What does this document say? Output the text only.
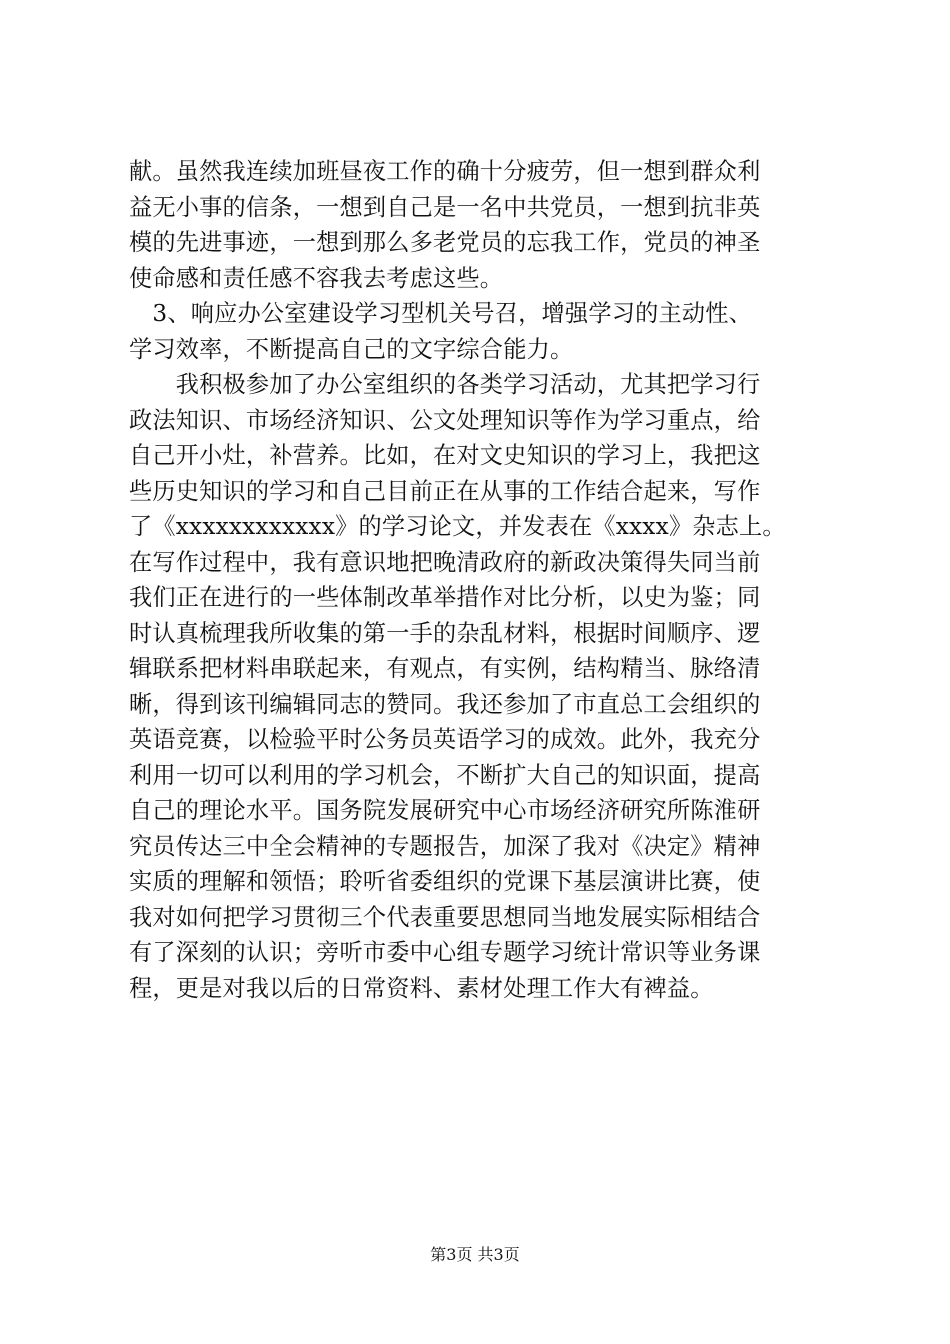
献。虽然我连续加班昼夜工作的确十分疲劳，但一想到群众利
益无小事的信条，一想到自己是一名中共党员，一想到抗非英
模的先进事迹，一想到那么多老党员的忘我工作，党员的神圣
使命感和责任感不容我去考虑这些。
　3、响应办公室建设学习型机关号召，增强学习的主动性、
学习效率，不断提高自己的文字综合能力。
　　我积极参加了办公室组织的各类学习活动，尤其把学习行
政法知识、市场经济知识、公文处理知识等作为学习重点，给
自己开小灶，补营养。比如，在对文史知识的学习上，我把这
些历史知识的学习和自己目前正在从事的工作结合起来，写作
了《xxxxxxxxxxxx》的学习论文，并发表在《xxxx》杂志上。
在写作过程中，我有意识地把晚清政府的新政决策得失同当前
我们正在进行的一些体制改革举措作对比分析，以史为鉴；同
时认真梳理我所收集的第一手的杂乱材料，根据时间顺序、逻
辑联系把材料串联起来，有观点，有实例，结构精当、脉络清
晰，得到该刊编辑同志的赞同。我还参加了市直总工会组织的
英语竞赛，以检验平时公务员英语学习的成效。此外，我充分
利用一切可以利用的学习机会，不断扩大自己的知识面，提高
自己的理论水平。国务院发展研究中心市场经济研究所陈淮研
究员传达三中全会精神的专题报告，加深了我对《决定》精神
实质的理解和领悟；聆听省委组织的党课下基层演讲比赛，使
我对如何把学习贯彻三个代表重要思想同当地发展实际相结合
有了深刻的认识；旁听市委中心组专题学习统计常识等业务课
程，更是对我以后的日常资料、素材处理工作大有裨益。
第3页 共3页
